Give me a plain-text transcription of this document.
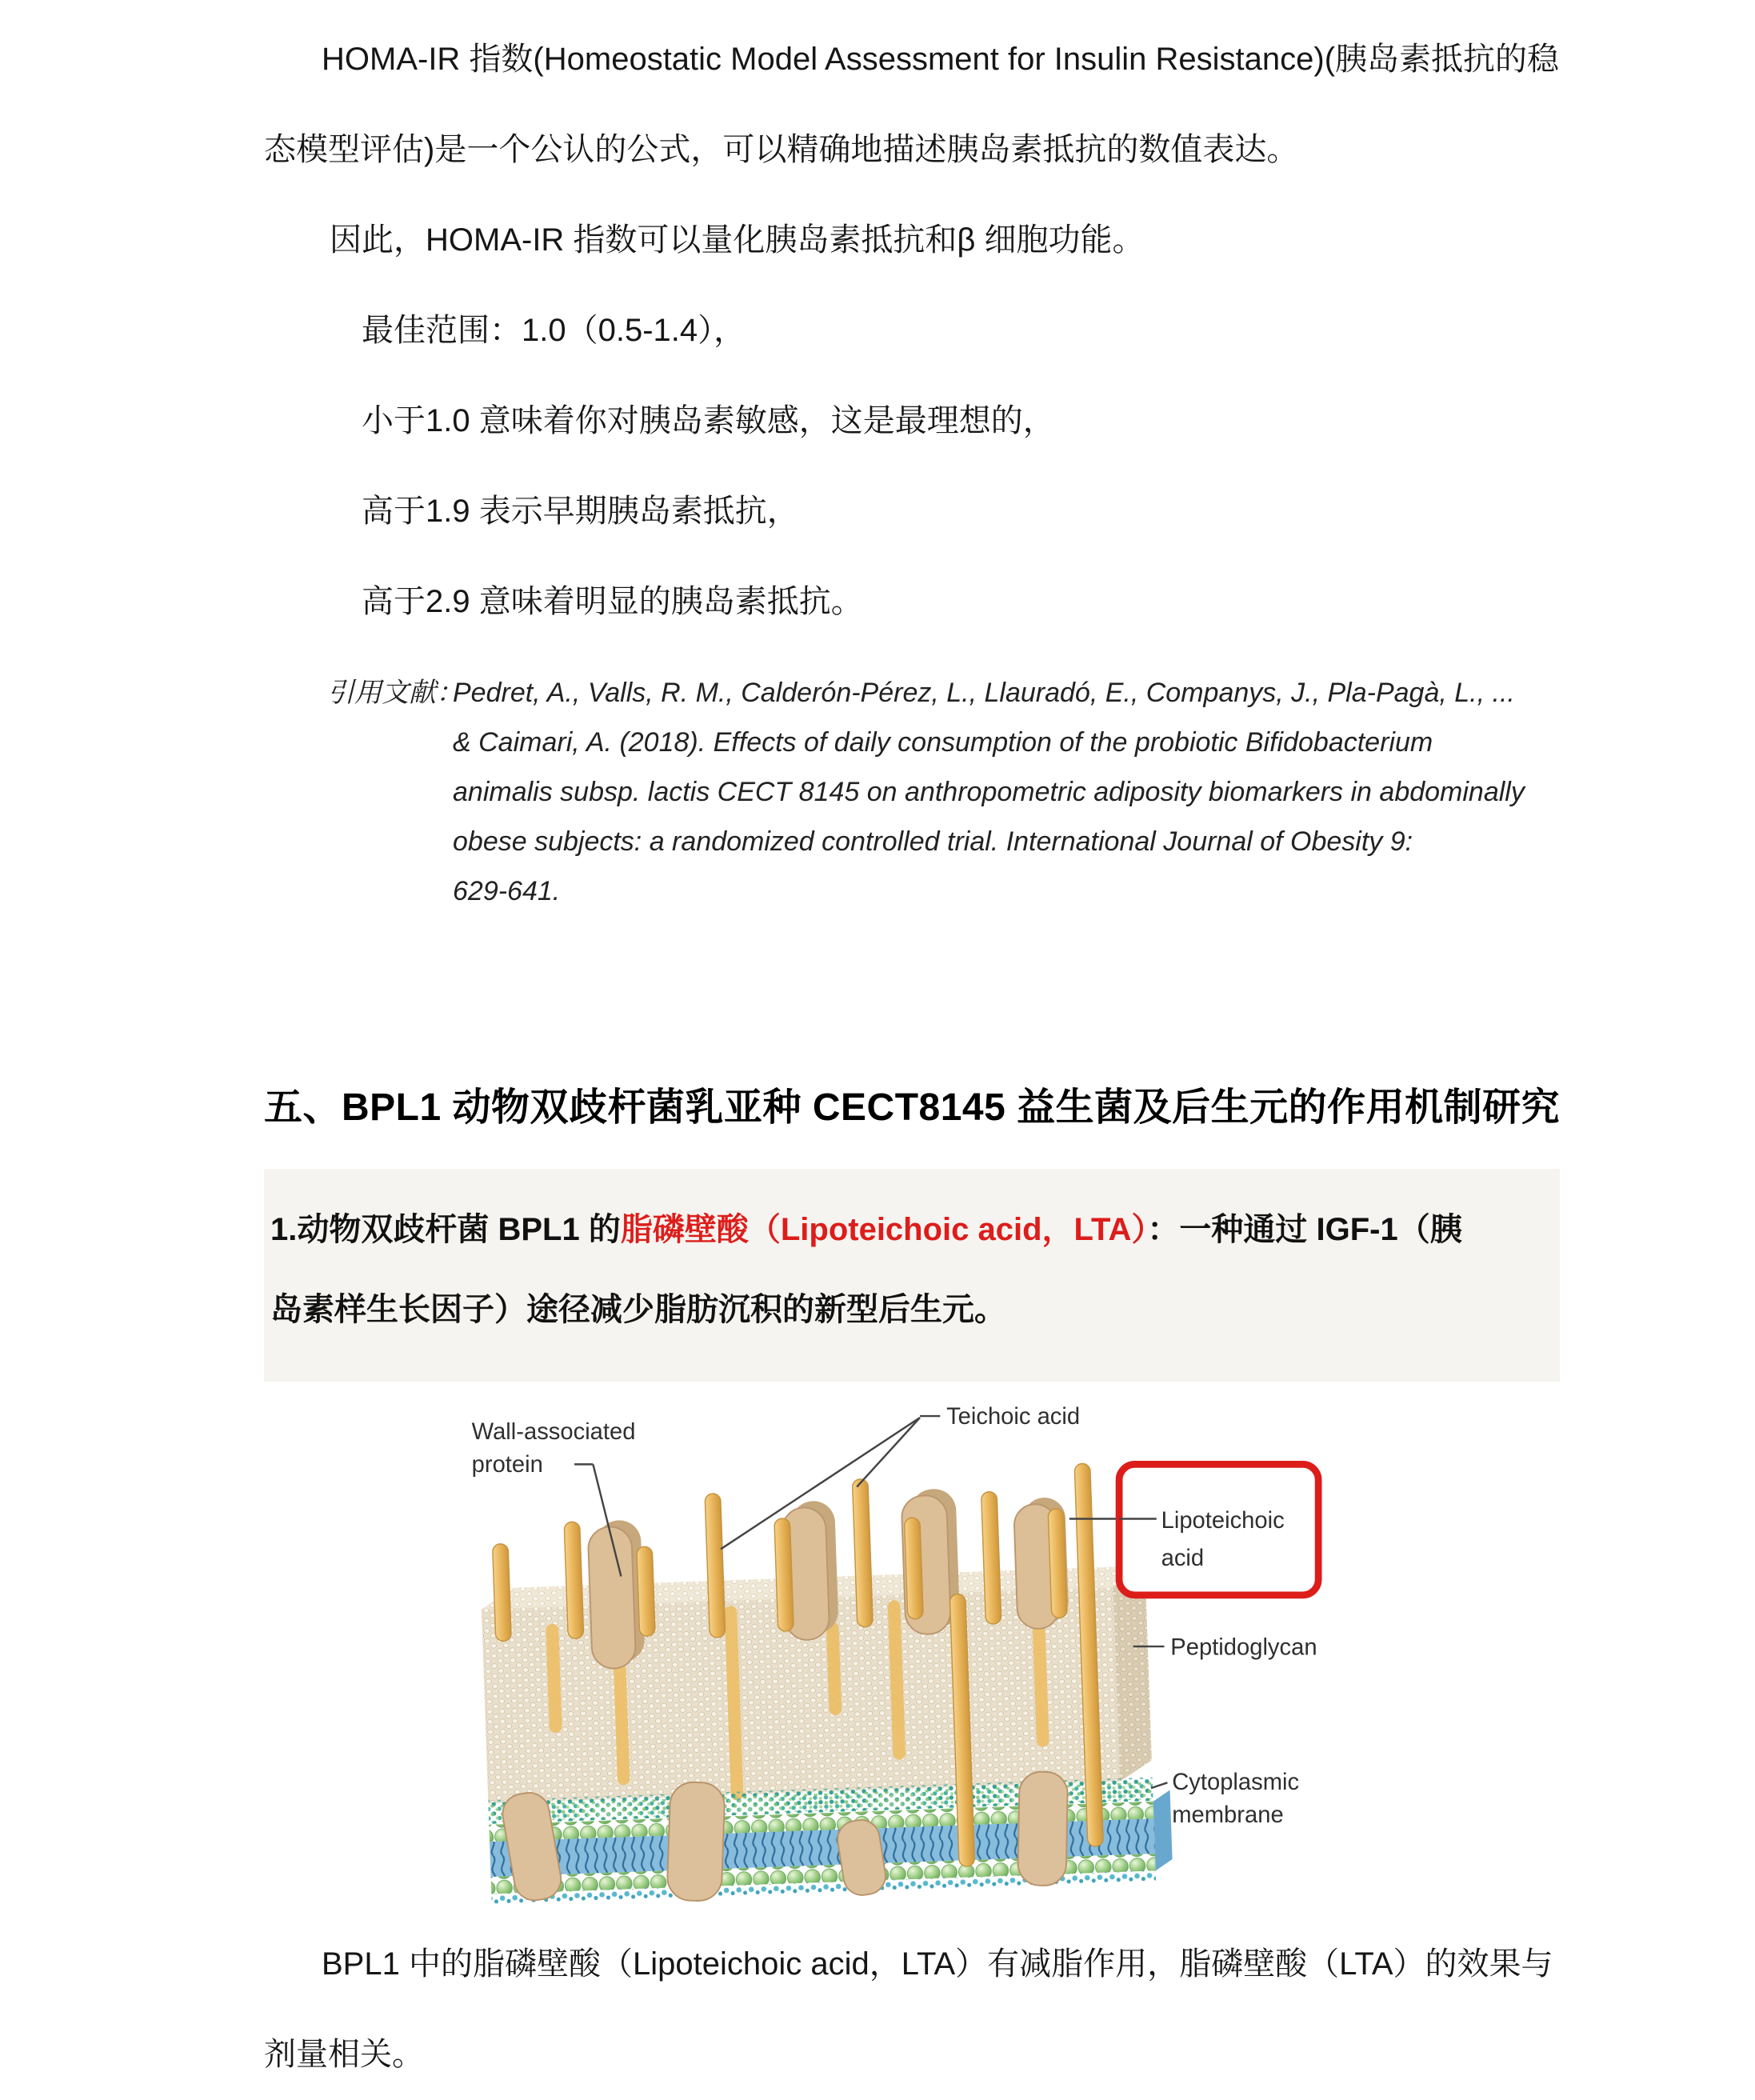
HOMA-IR 指数(Homeostatic Model Assessment for Insulin Resistance)(胰岛素抵抗的稳态模型评估)是一个公认的公式，可以精确地描述胰岛素抵抗的数值表达。

因此，HOMA-IR 指数可以量化胰岛素抵抗和β 细胞功能。

最佳范围：1.0（0.5-1.4），

小于1.0 意味着你对胰岛素敏感，这是最理想的，

高于1.9 表示早期胰岛素抵抗，

高于2.9 意味着明显的胰岛素抵抗。

引用文献：
Pedret, A., Valls, R. M., Calderón-Pérez, L., Llauradó, E., Companys, J., Pla-Pagà, L., ...
& Caimari, A. (2018). Effects of daily consumption of the probiotic Bifidobacterium
animalis subsp. lactis CECT 8145 on anthropometric adiposity biomarkers in abdominally
obese subjects: a randomized controlled trial. International Journal of Obesity 9:
629-641.
五、BPL1 动物双歧杆菌乳亚种 CECT8145 益生菌及后生元的作用机制研究
1.动物双歧杆菌 BPL1 的脂磷壁酸（Lipoteichoic acid，LTA）：一种通过 IGF-1（胰
岛素样生长因子）途径减少脂肪沉积的新型后生元。
Wall-associated
protein
Teichoic acid
Lipoteichoic
acid
Peptidoglycan
Cytoplasmic
membrane

BPL1 中的脂磷壁酸（Lipoteichoic acid，LTA）有减脂作用，脂磷壁酸（LTA）的效果与剂量相关。
